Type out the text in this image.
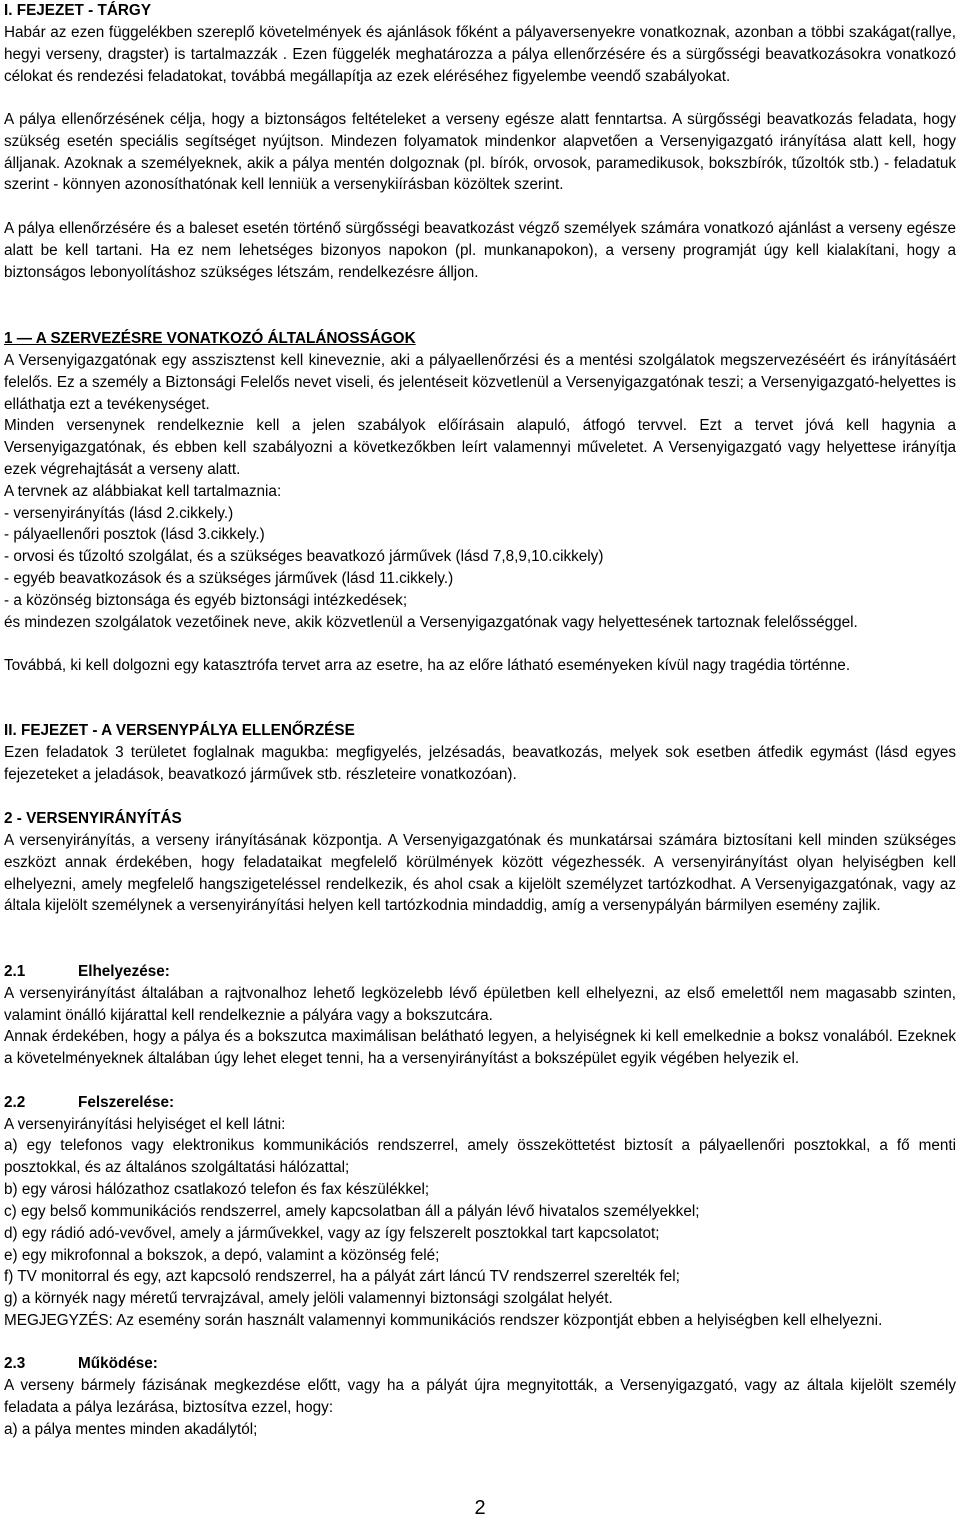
I. FEJEZET - TÁRGY

Habár az ezen függelékben szereplő követelmények és ajánlások főként a pályaversenyekre vonatkoznak, azonban a többi szakágat(rallye, hegyi verseny, dragster) is tartalmazzák . Ezen függelék meghatározza a pálya ellenőrzésére és a sürgősségi beavatkozásokra vonatkozó célokat és rendezési feladatokat, továbbá megállapítja az ezek eléréséhez figyelembe veendő szabályokat.

A pálya ellenőrzésének célja, hogy a biztonságos feltételeket a verseny egésze alatt fenntartsa. A sürgősségi beavatkozás feladata, hogy szükség esetén speciális segítséget nyújtson. Mindezen folyamatok mindenkor alapvetően a Versenyigazgató irányítása alatt kell, hogy álljanak. Azoknak a személyeknek, akik a pálya mentén dolgoznak (pl. bírók, orvosok, paramedikusok, bokszbírók, tűzoltók stb.) - feladatuk szerint - könnyen azonosíthatónak kell lenniük a versenykiírásban közöltek szerint.

A pálya ellenőrzésére és a baleset esetén történő sürgősségi beavatkozást végző személyek számára vonatkozó ajánlást a verseny egésze alatt be kell tartani. Ha ez nem lehetséges bizonyos napokon (pl. munkanapokon), a verseny programját úgy kell kialakítani, hogy a biztonságos lebonyolításhoz szükséges létszám, rendelkezésre álljon.

1 — A SZERVEZÉSRE VONATKOZÓ ÁLTALÁNOSSÁGOK

A Versenyigazgatónak egy asszisztenst kell kineveznie, aki a pályaellenőrzési és a mentési szolgálatok megszervezéséért és irányításáért felelős. Ez a személy a Biztonsági Felelős nevet viseli, és jelentéseit közvetlenül a Versenyigazgatónak teszi; a Versenyigazgató-helyettes is elláthatja ezt a tevékenységet.

Minden versenynek rendelkeznie kell a jelen szabályok előírásain alapuló, átfogó tervvel. Ezt a tervet jóvá kell hagynia a Versenyigazgatónak, és ebben kell szabályozni a következőkben leírt valamennyi műveletet. A Versenyigazgató vagy helyettese irányítja ezek végrehajtását a verseny alatt.

A tervnek az alábbiakat kell tartalmaznia:
- versenyirányítás (lásd 2.cikkely.)
- pályaellenőri posztok (lásd 3.cikkely.)
- orvosi és tűzoltó szolgálat, és a szükséges beavatkozó járművek (lásd 7,8,9,10.cikkely)
- egyéb beavatkozások és a szükséges járművek (lásd 11.cikkely.)
- a közönség biztonsága és egyéb biztonsági intézkedések;

és mindezen szolgálatok vezetőinek neve, akik közvetlenül a Versenyigazgatónak vagy helyettesének tartoznak felelősséggel.

Továbbá, ki kell dolgozni egy katasztrófa tervet arra az esetre, ha az előre látható eseményeken kívül nagy tragédia történne.

II. FEJEZET - A VERSENYPÁLYA ELLENŐRZÉSE

Ezen feladatok 3 területet foglalnak magukba: megfigyelés, jelzésadás, beavatkozás, melyek sok esetben átfedik egymást (lásd egyes fejezeteket a jeladások, beavatkozó járművek stb. részleteire vonatkozóan).

2 - VERSENYIRÁNYÍTÁS

A versenyirányítás, a verseny irányításának központja. A Versenyigazgatónak és munkatársai számára biztosítani kell minden szükséges eszközt annak érdekében, hogy feladataikat megfelelő körülmények között végezhessék. A versenyirányítást olyan helyiségben kell elhelyezni, amely megfelelő hangszigeteléssel rendelkezik, és ahol csak a kijelölt személyzet tartózkodhat. A Versenyigazgatónak, vagy az általa kijelölt személynek a versenyirányítási helyen kell tartózkodnia mindaddig, amíg a versenypályán bármilyen esemény zajlik.

2.1	Elhelyezése:

A versenyirányítást általában a rajtvonalhoz lehető legközelebb lévő épületben kell elhelyezni, az első emelettől nem magasabb szinten, valamint önálló kijárattal kell rendelkeznie a pályára vagy a bokszutcára.

Annak érdekében, hogy a pálya és a bokszutca maximálisan belátható legyen, a helyiségnek ki kell emelkednie a boksz vonalából. Ezeknek a követelményeknek általában úgy lehet eleget tenni, ha a versenyirányítást a bokszépület egyik végében helyezik el.

2.2	Felszerelése:
A versenyirányítási helyiséget el kell látni:

a) egy telefonos vagy elektronikus kommunikációs rendszerrel, amely összeköttetést biztosít a pályaellenőri posztokkal, a fő menti posztokkal, és az általános szolgáltatási hálózattal;

b) egy városi hálózathoz csatlakozó telefon és fax készülékkel;
c) egy belső kommunikációs rendszerrel, amely kapcsolatban áll a pályán lévő hivatalos személyekkel;
d) egy rádió adó-vevővel, amely a járművekkel, vagy az így felszerelt posztokkal tart kapcsolatot;
e) egy mikrofonnal a bokszok, a depó, valamint a közönség felé;
f) TV monitorral és egy, azt kapcsoló rendszerrel, ha a pályát zárt láncú TV rendszerrel szerelték fel;
g) a környék nagy méretű tervrajzával, amely jelöli valamennyi biztonsági szolgálat helyét.

MEGJEGYZÉS: Az esemény során használt valamennyi kommunikációs rendszer központját ebben a helyiségben kell elhelyezni.

2.3	Működése:

A verseny bármely fázisának megkezdése előtt, vagy ha a pályát újra megnyitották, a Versenyigazgató, vagy az általa kijelölt személy feladata a pálya lezárása, biztosítva ezzel, hogy:

a) a pálya mentes minden akadálytól;
2
